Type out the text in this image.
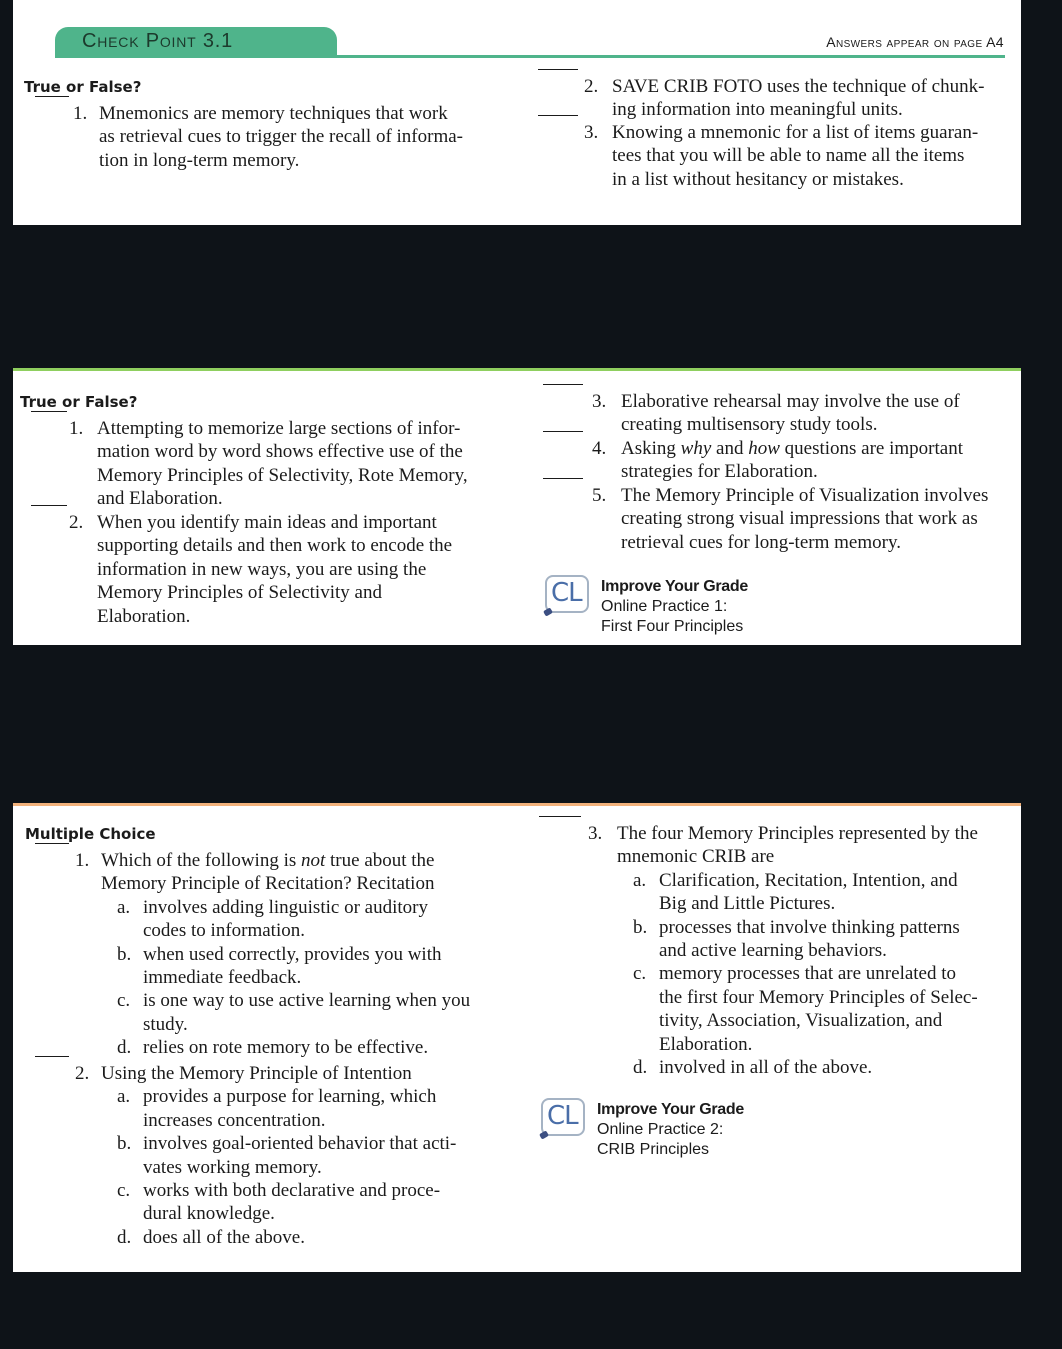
Check Point 3.1	Answers appear on page A4
True or False?
1. Mnemonics are memory techniques that work
as retrieval cues to trigger the recall of informa-
tion in long-term memory.
2. SAVE CRIB FOTO uses the technique of chunk-
ing information into meaningful units.
3. Knowing a mnemonic for a list of items guaran-
tees that you will be able to name all the items
in a list without hesitancy or mistakes.
True or False?
1. Attempting to memorize large sections of infor-
mation word by word shows effective use of the
Memory Principles of Selectivity, Rote Memory,
and Elaboration.
2. When you identify main ideas and important
supporting details and then work to encode the
information in new ways, you are using the
Memory Principles of Selectivity and
Elaboration.
3. Elaborative rehearsal may involve the use of
creating multisensory study tools.
4. Asking why and how questions are important
strategies for Elaboration.
5. The Memory Principle of Visualization involves
creating strong visual impressions that work as
retrieval cues for long-term memory.
CL Improve Your Grade
Online Practice 1:
First Four Principles
Multiple Choice
1. Which of the following is not true about the
Memory Principle of Recitation? Recitation
a. involves adding linguistic or auditory
codes to information.
b. when used correctly, provides you with
immediate feedback.
c. is one way to use active learning when you
study.
d. relies on rote memory to be effective.
2. Using the Memory Principle of Intention
a. provides a purpose for learning, which
increases concentration.
b. involves goal-oriented behavior that acti-
vates working memory.
c. works with both declarative and proce-
dural knowledge.
d. does all of the above.
3. The four Memory Principles represented by the
mnemonic CRIB are
a. Clarification, Recitation, Intention, and
Big and Little Pictures.
b. processes that involve thinking patterns
and active learning behaviors.
c. memory processes that are unrelated to
the first four Memory Principles of Selec-
tivity, Association, Visualization, and
Elaboration.
d. involved in all of the above.
CL Improve Your Grade
Online Practice 2:
CRIB Principles
